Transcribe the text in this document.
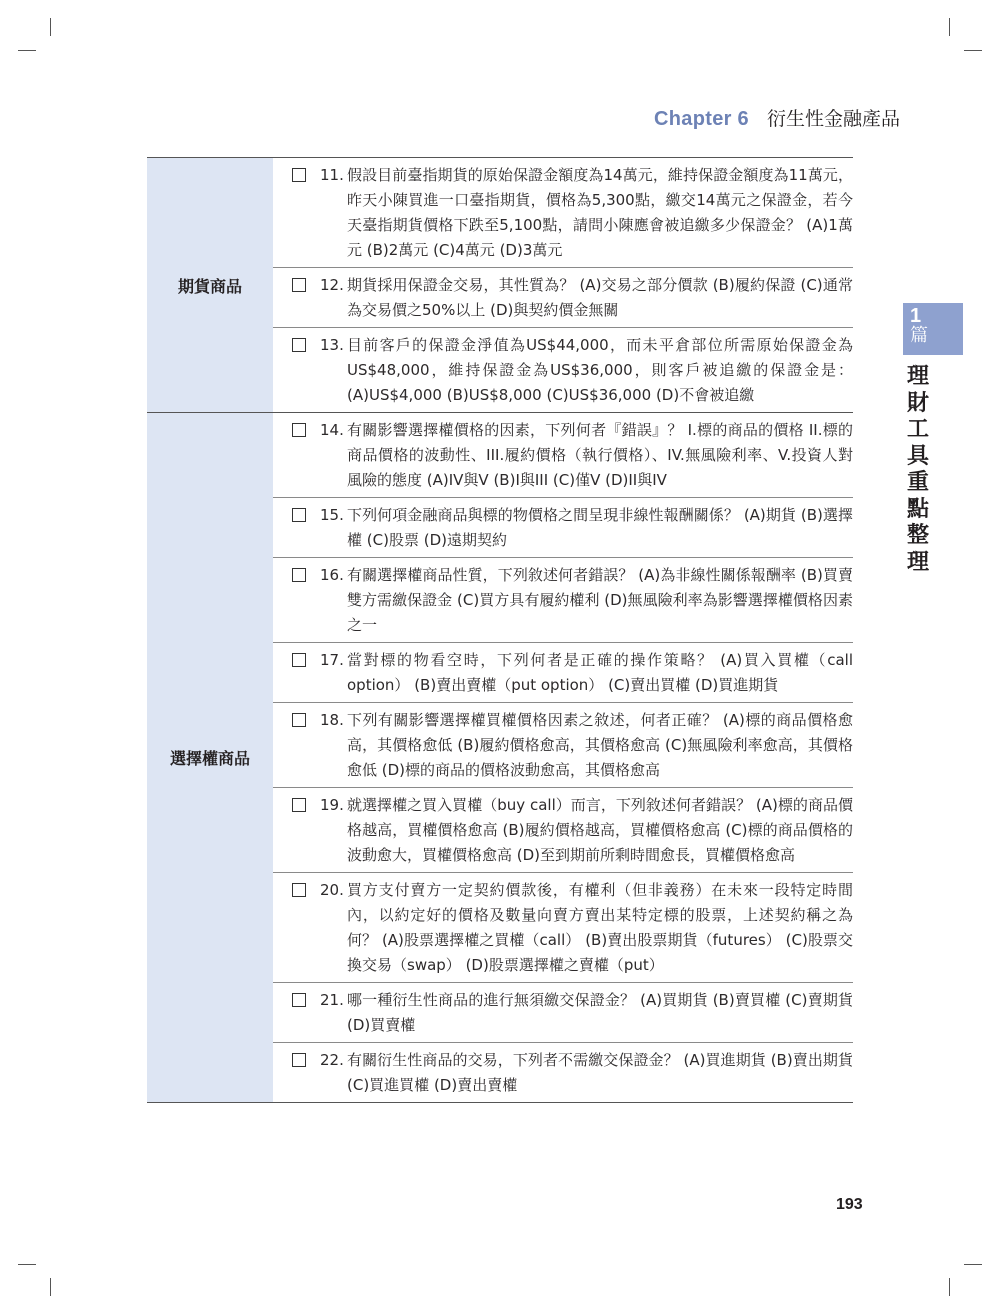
Chapter 6 衍生性金融產品
1
篇
理財工具重點整理
期貨商品
11. 假設目前臺指期貨的原始保證金額度為14萬元，維持保證金額度為11萬元，昨天小陳買進一口臺指期貨，價格為5,300點，繳交14萬元之保證金，若今天臺指期貨價格下跌至5,100點，請問小陳應會被追繳多少保證金？ (A)1萬元 (B)2萬元 (C)4萬元 (D)3萬元
12. 期貨採用保證金交易，其性質為？ (A)交易之部分價款 (B)履約保證 (C)通常為交易價之50%以上 (D)與契約價金無關
13. 目前客戶的保證金淨值為US$44,000，而未平倉部位所需原始保證金為US$48,000，維持保證金為US$36,000，則客戶被追繳的保證金是： (A)US$4,000 (B)US$8,000 (C)US$36,000 (D)不會被追繳
選擇權商品
14. 有關影響選擇權價格的因素，下列何者『錯誤』？ I.標的商品的價格 II.標的商品價格的波動性、III.履約價格（執行價格）、IV.無風險利率、V.投資人對風險的態度 (A)IV與V (B)I與III (C)僅V (D)II與IV
15. 下列何項金融商品與標的物價格之間呈現非線性報酬關係？ (A)期貨 (B)選擇權 (C)股票 (D)遠期契約
16. 有關選擇權商品性質，下列敘述何者錯誤？ (A)為非線性關係報酬率 (B)買賣雙方需繳保證金 (C)買方具有履約權利 (D)無風險利率為影響選擇權價格因素之一
17. 當對標的物看空時，下列何者是正確的操作策略？ (A)買入買權（call option） (B)賣出賣權（put option） (C)賣出買權 (D)買進期貨
18. 下列有關影響選擇權買權價格因素之敘述，何者正確？ (A)標的商品價格愈高，其價格愈低 (B)履約價格愈高，其價格愈高 (C)無風險利率愈高，其價格愈低 (D)標的商品的價格波動愈高，其價格愈高
19. 就選擇權之買入買權（buy call）而言，下列敘述何者錯誤？ (A)標的商品價格越高，買權價格愈高 (B)履約價格越高，買權價格愈高 (C)標的商品價格的波動愈大，買權價格愈高 (D)至到期前所剩時間愈長，買權價格愈高
20. 買方支付賣方一定契約價款後，有權利（但非義務）在未來一段特定時間內，以約定好的價格及數量向賣方賣出某特定標的股票，上述契約稱之為何？ (A)股票選擇權之買權（call） (B)賣出股票期貨（futures） (C)股票交換交易（swap） (D)股票選擇權之賣權（put）
21. 哪一種衍生性商品的進行無須繳交保證金？ (A)買期貨 (B)賣買權 (C)賣期貨 (D)買賣權
22. 有關衍生性商品的交易，下列者不需繳交保證金？ (A)買進期貨 (B)賣出期貨 (C)買進買權 (D)賣出賣權
193
